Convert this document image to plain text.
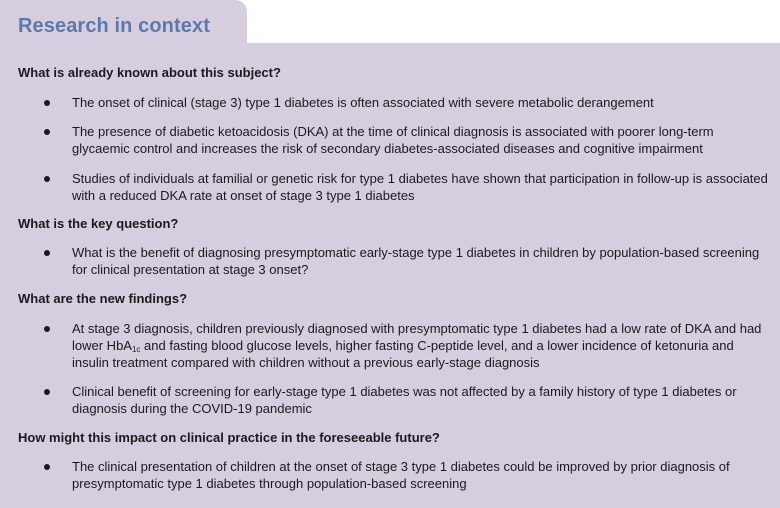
Research in context
What is already known about this subject?
The onset of clinical (stage 3) type 1 diabetes is often associated with severe metabolic derangement
The presence of diabetic ketoacidosis (DKA) at the time of clinical diagnosis is associated with poorer long-term glycaemic control and increases the risk of secondary diabetes-associated diseases and cognitive impairment
Studies of individuals at familial or genetic risk for type 1 diabetes have shown that participation in follow-up is associated with a reduced DKA rate at onset of stage 3 type 1 diabetes
What is the key question?
What is the benefit of diagnosing presymptomatic early-stage type 1 diabetes in children by population-based screening for clinical presentation at stage 3 onset?
What are the new findings?
At stage 3 diagnosis, children previously diagnosed with presymptomatic type 1 diabetes had a low rate of DKA and had lower HbA$_{1c}$ and fasting blood glucose levels, higher fasting C-peptide level, and a lower incidence of ketonuria and insulin treatment compared with children without a previous early-stage diagnosis
Clinical benefit of screening for early-stage type 1 diabetes was not affected by a family history of type 1 diabetes or diagnosis during the COVID-19 pandemic
How might this impact on clinical practice in the foreseeable future?
The clinical presentation of children at the onset of stage 3 type 1 diabetes could be improved by prior diagnosis of presymptomatic type 1 diabetes through population-based screening
